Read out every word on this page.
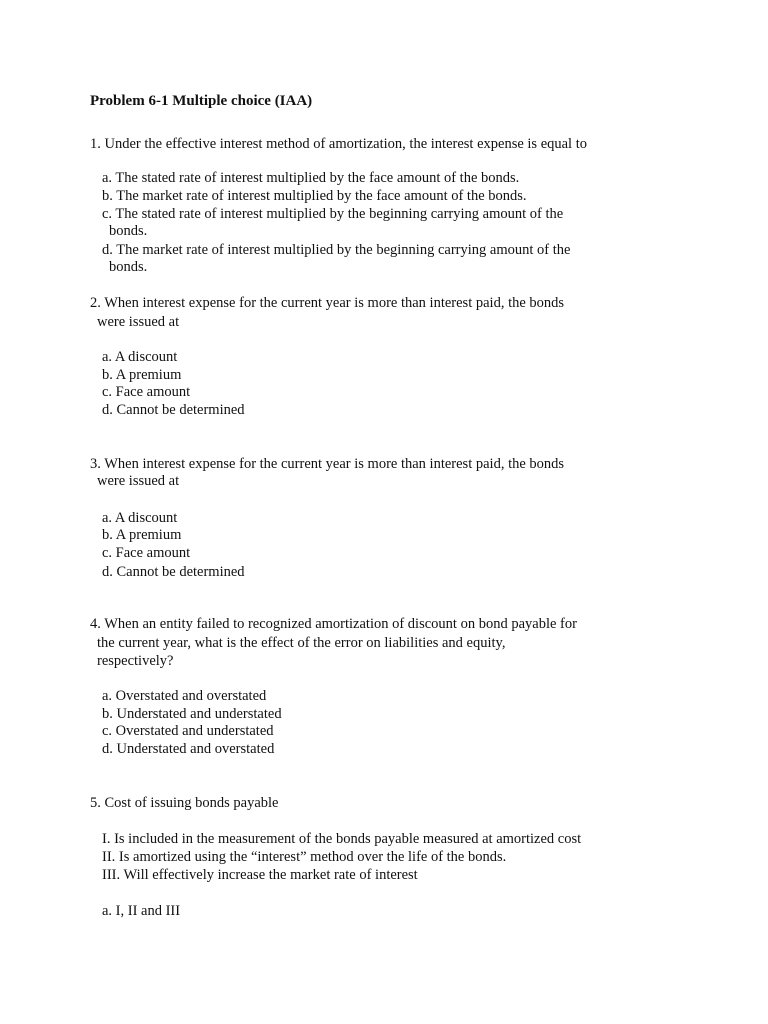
Problem 6-1 Multiple choice (IAA)
1. Under the effective interest method of amortization, the interest expense is equal to
a. The stated rate of interest multiplied by the face amount of the bonds.
b. The market rate of interest multiplied by the face amount of the bonds.
c. The stated rate of interest multiplied by the beginning carrying amount of the
bonds.
d. The market rate of interest multiplied by the beginning carrying amount of the
bonds.
2. When interest expense for the current year is more than interest paid, the bonds
were issued at
a. A discount
b. A premium
c. Face amount
d. Cannot be determined
3. When interest expense for the current year is more than interest paid, the bonds
were issued at
a. A discount
b. A premium
c. Face amount
d. Cannot be determined
4. When an entity failed to recognized amortization of discount on bond payable for
the current year, what is the effect of the error on liabilities and equity,
respectively?
a. Overstated and overstated
b. Understated and understated
c. Overstated and understated
d. Understated and overstated
5. Cost of issuing bonds payable
I. Is included in the measurement of the bonds payable measured at amortized cost
II. Is amortized using the “interest” method over the life of the bonds.
III. Will effectively increase the market rate of interest
a. I, II and III
